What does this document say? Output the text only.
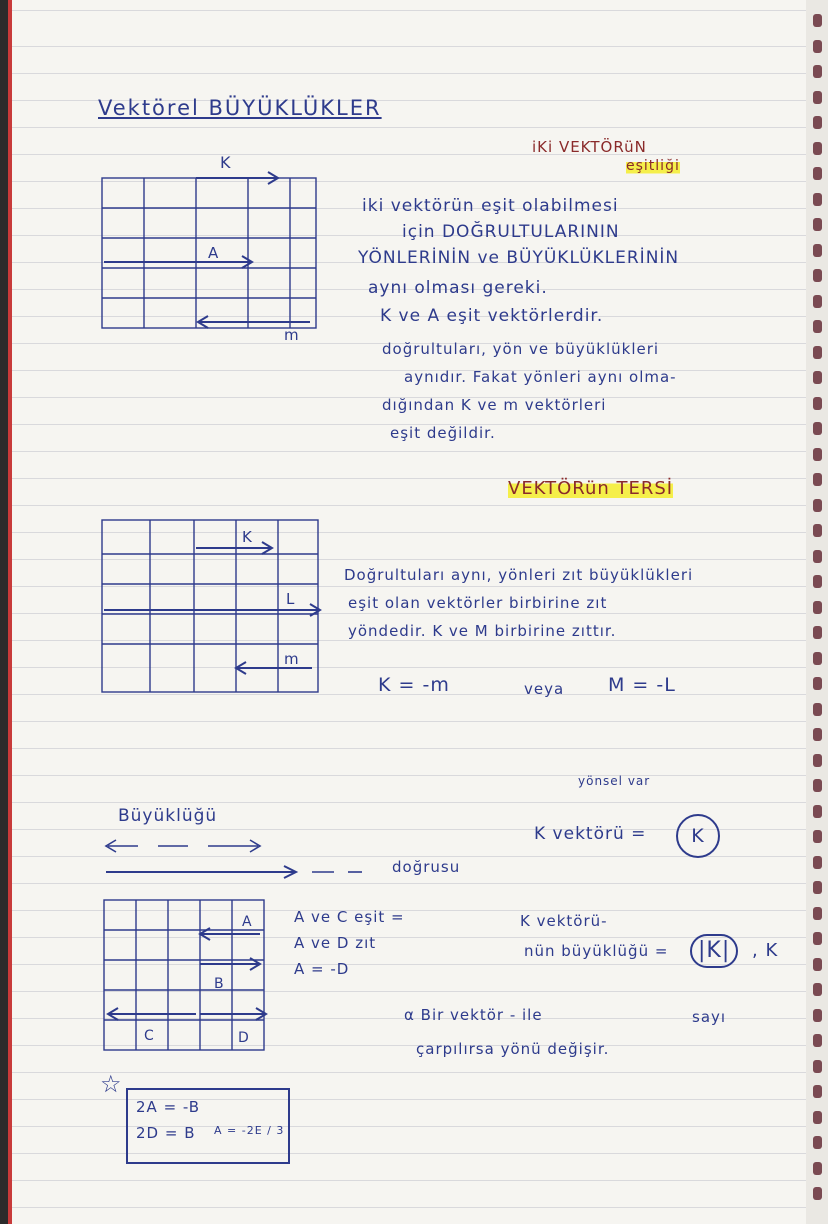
Vektörel BÜYÜKLÜKLER
iKi VEKTÖRüN
eşitliği
K
A
m
iki vektörün eşit olabilmesi
için DOĞRULTULARININ
YÖNLERİNİN ve BÜYÜKLÜKLERİNİN
aynı olması gereki.
K ve A eşit vektörlerdir.
doğrultuları, yön ve büyüklükleri
aynıdır. Fakat yönleri aynı olma-
dığından K ve m vektörleri
eşit değildir.
VEKTÖRün TERSİ
K
L
m
Doğrultuları aynı, yönleri zıt büyüklükleri
eşit olan vektörler birbirine zıt
yöndedir. K ve M birbirine zıttır.
K = -m	veya M = -L
Büyüklüğü
doğrusu
yönsel var
K vektörü =	K
A
B
C	D
A ve C eşit =
A ve D zıt
A = -D
K vektörü-
nün büyüklüğü =	|K|	, K
sayı
α Bir vektör - ile
çarpılırsa yönü değişir.
☆
2A = -B
2D = B A = -2E / 3
